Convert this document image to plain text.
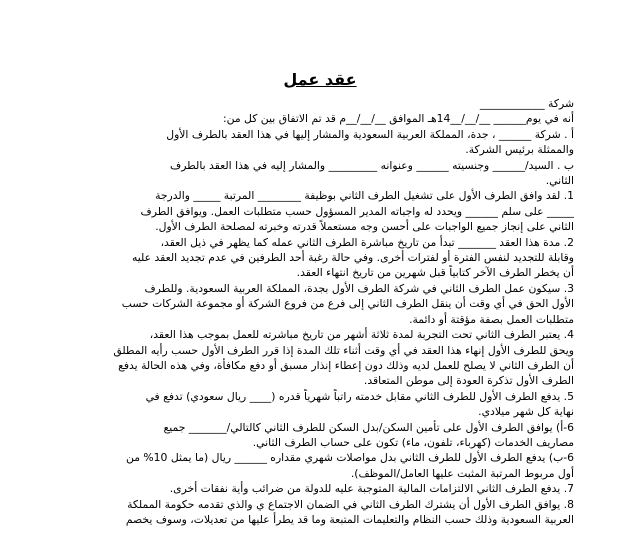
عقد عمل
شركة ____________
أنه في يوم______ __/__/__14هـ الموافق __/__/__م قد تم الاتفاق بين كل من:
أ . شركة ______ ، جدة، المملكة العربية السعودية والمشار إليها في هذا العقد بالطرف الأول
والممثلة برئيس الشركة.
ب . السيد/______ وجنسيته ______ وعنوانه _________ والمشار إليه في هذا العقد بالطرف
الثاني.
1. لقد وافق الطرف الأول على تشغيل الطرف الثاني بوظيفة ________ المرتبة _____ والدرجة
_____ على سلم ______ ويحدد له واجباته المدير المسؤول حسب متطلبات العمل. ويوافق الطرف
الثاني على إنجاز جميع الواجبات على أحسن وجه مستعملاً قدرته وخبرته لمصلحة الطرف الأول.
2. مدة هذا العقد _______ تبدأ من تاريخ مباشرة الطرف الثاني عمله كما يظهر في ذيل العقد،
وقابلة للتجديد لنفس الفترة أو لفترات أخرى. وفي حالة رغبة أحد الطرفين في عدم تجديد العقد عليه
أن يخطر الطرف الآخر كتابياً قبل شهرين من تاريخ انتهاء العقد.
3. سيكون عمل الطرف الثاني في شركة الطرف الأول بجدة، المملكة العربية السعودية. وللطرف
الأول الحق في أي وقت أن ينقل الطرف الثاني إلى فرع من فروع الشركة أو مجموعة الشركات حسب
متطلبات العمل بصفة مؤقتة أو دائمة.
4. يعتبر الطرف الثاني تحت التجربة لمدة ثلاثة أشهر من تاريخ مباشرته للعمل بموجب هذا العقد،
ويحق للطرف الأول إنهاء هذا العقد في أي وقت أثناء تلك المدة إذا قرر الطرف الأول حسب رأيه المطلق
أن الطرف الثاني لا يصلح للعمل لديه وذلك دون إعطاء إنذار مسبق أو دفع مكافأة، وفي هذه الحالة يدفع
الطرف الأول تذكرة العودة إلى موطن المتعاقد.
5. يدفع الطرف الأول للطرف الثاني مقابل خدمته راتباً شهرياً قدره (____ ريال سعودي) تدفع في
نهاية كل شهر ميلادي.
6-أ) يوافق الطرف الأول على تأمين السكن/بدل السكن للطرف الثاني كالتالي/_______ جميع
مصاريف الخدمات (كهرباء، تلفون، ماء) تكون على حساب الطرف الثاني.
6-ب) يدفع الطرف الأول للطرف الثاني بدل مواصلات شهري مقداره ______ ريال (ما يمثل 10% من
أول مربوط المرتبة المثبت عليها العامل/الموظف).
7. يدفع الطرف الثاني الالتزامات المالية المتوجبة عليه للدولة من ضرائب وأية نفقات أخرى.
8. يوافق الطرف الأول أن يشترك الطرف الثاني في الضمان الاجتماع ي والذي تقدمه حكومة المملكة
العربية السعودية وذلك حسب النظام والتعليمات المتبعة وما قد يطرأ عليها من تعديلات، وسوف يخصم
